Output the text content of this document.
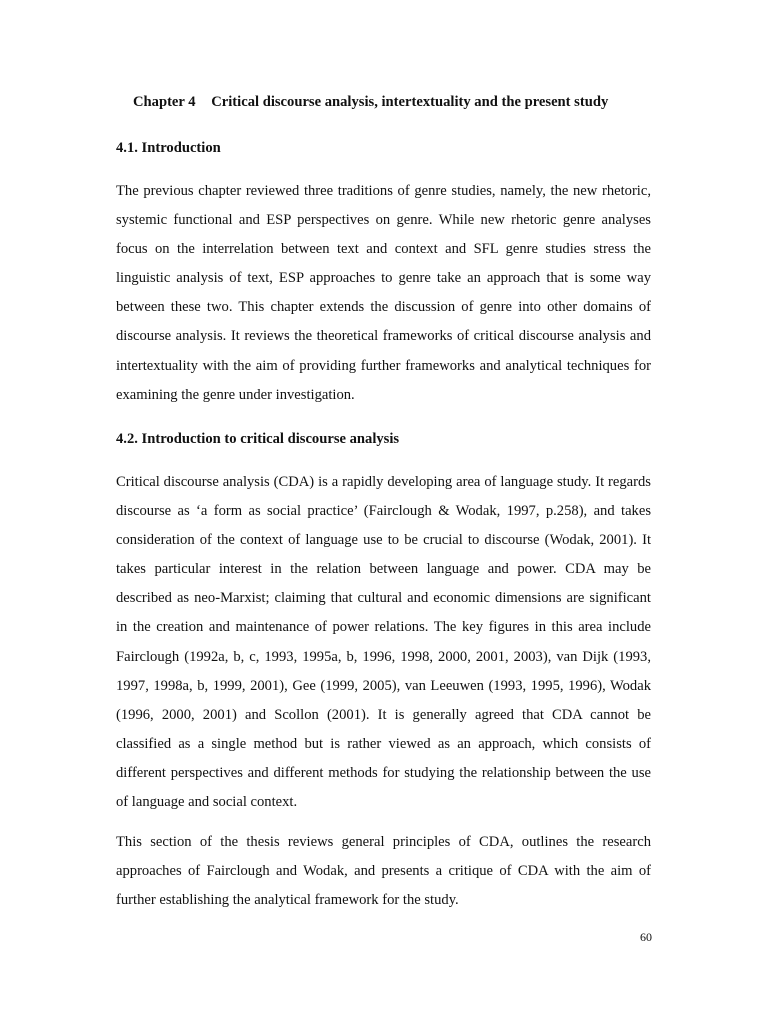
Chapter 4 Critical discourse analysis, intertextuality and the present study
4.1. Introduction

The previous chapter reviewed three traditions of genre studies, namely, the new rhetoric, systemic functional and ESP perspectives on genre. While new rhetoric genre analyses focus on the interrelation between text and context and SFL genre studies stress the linguistic analysis of text, ESP approaches to genre take an approach that is some way between these two. This chapter extends the discussion of genre into other domains of discourse analysis. It reviews the theoretical frameworks of critical discourse analysis and intertextuality with the aim of providing further frameworks and analytical techniques for examining the genre under investigation.

4.2. Introduction to critical discourse analysis

Critical discourse analysis (CDA) is a rapidly developing area of language study. It regards discourse as ‘a form as social practice’ (Fairclough & Wodak, 1997, p.258), and takes consideration of the context of language use to be crucial to discourse (Wodak, 2001). It takes particular interest in the relation between language and power. CDA may be described as neo-Marxist; claiming that cultural and economic dimensions are significant in the creation and maintenance of power relations. The key figures in this area include Fairclough (1992a, b, c, 1993, 1995a, b, 1996, 1998, 2000, 2001, 2003), van Dijk (1993, 1997, 1998a, b, 1999, 2001), Gee (1999, 2005), van Leeuwen (1993, 1995, 1996), Wodak (1996, 2000, 2001) and Scollon (2001). It is generally agreed that CDA cannot be classified as a single method but is rather viewed as an approach, which consists of different perspectives and different methods for studying the relationship between the use of language and social context.

This section of the thesis reviews general principles of CDA, outlines the research approaches of Fairclough and Wodak, and presents a critique of CDA with the aim of further establishing the analytical framework for the study.

60
